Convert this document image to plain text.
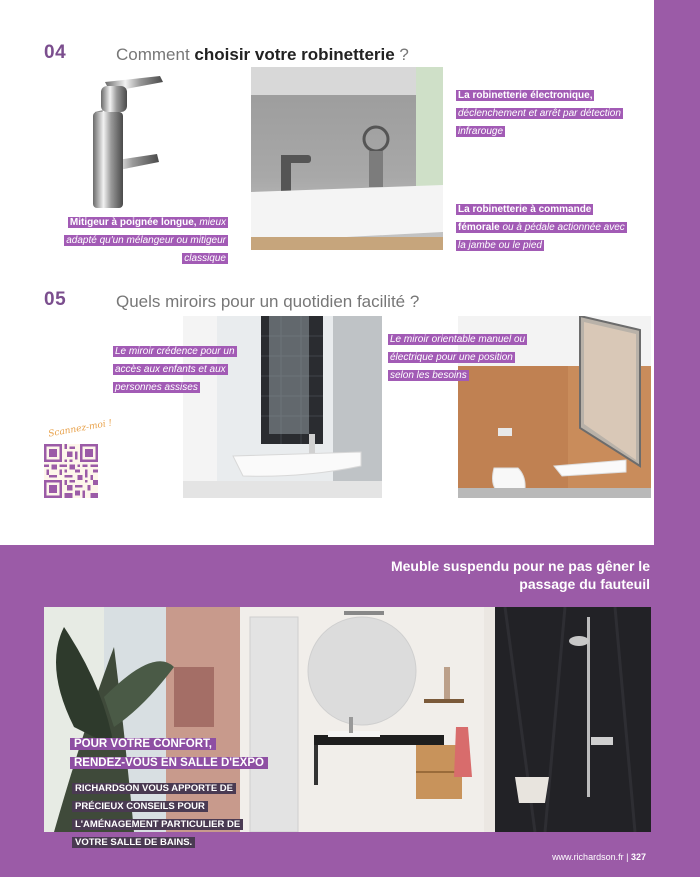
04	Comment choisir votre robinetterie ?
Mitigeur à poignée longue, mieux adapté qu'un mélangeur ou mitigeur classique
La robinetterie électronique, déclenchement et arrêt par détection infrarouge
La robinetterie à commande fémorale ou à pédale actionnée avec la jambe ou le pied
05	Quels miroirs pour un quotidien facilité ?
Le miroir crédence pour un accès aux enfants et aux personnes assises
Le miroir orientable manuel ou électrique pour une position selon les besoins
Scannez-moi !
Meuble suspendu pour ne pas gêner le
passage du fauteuil
POUR VOTRE CONFORT,
RENDEZ-VOUS EN SALLE D'EXPO
RICHARDSON VOUS APPORTE DE PRÉCIEUX CONSEILS POUR L'AMÉNAGEMENT PARTICULIER DE VOTRE SALLE DE BAINS.
www.richardson.fr | 327
